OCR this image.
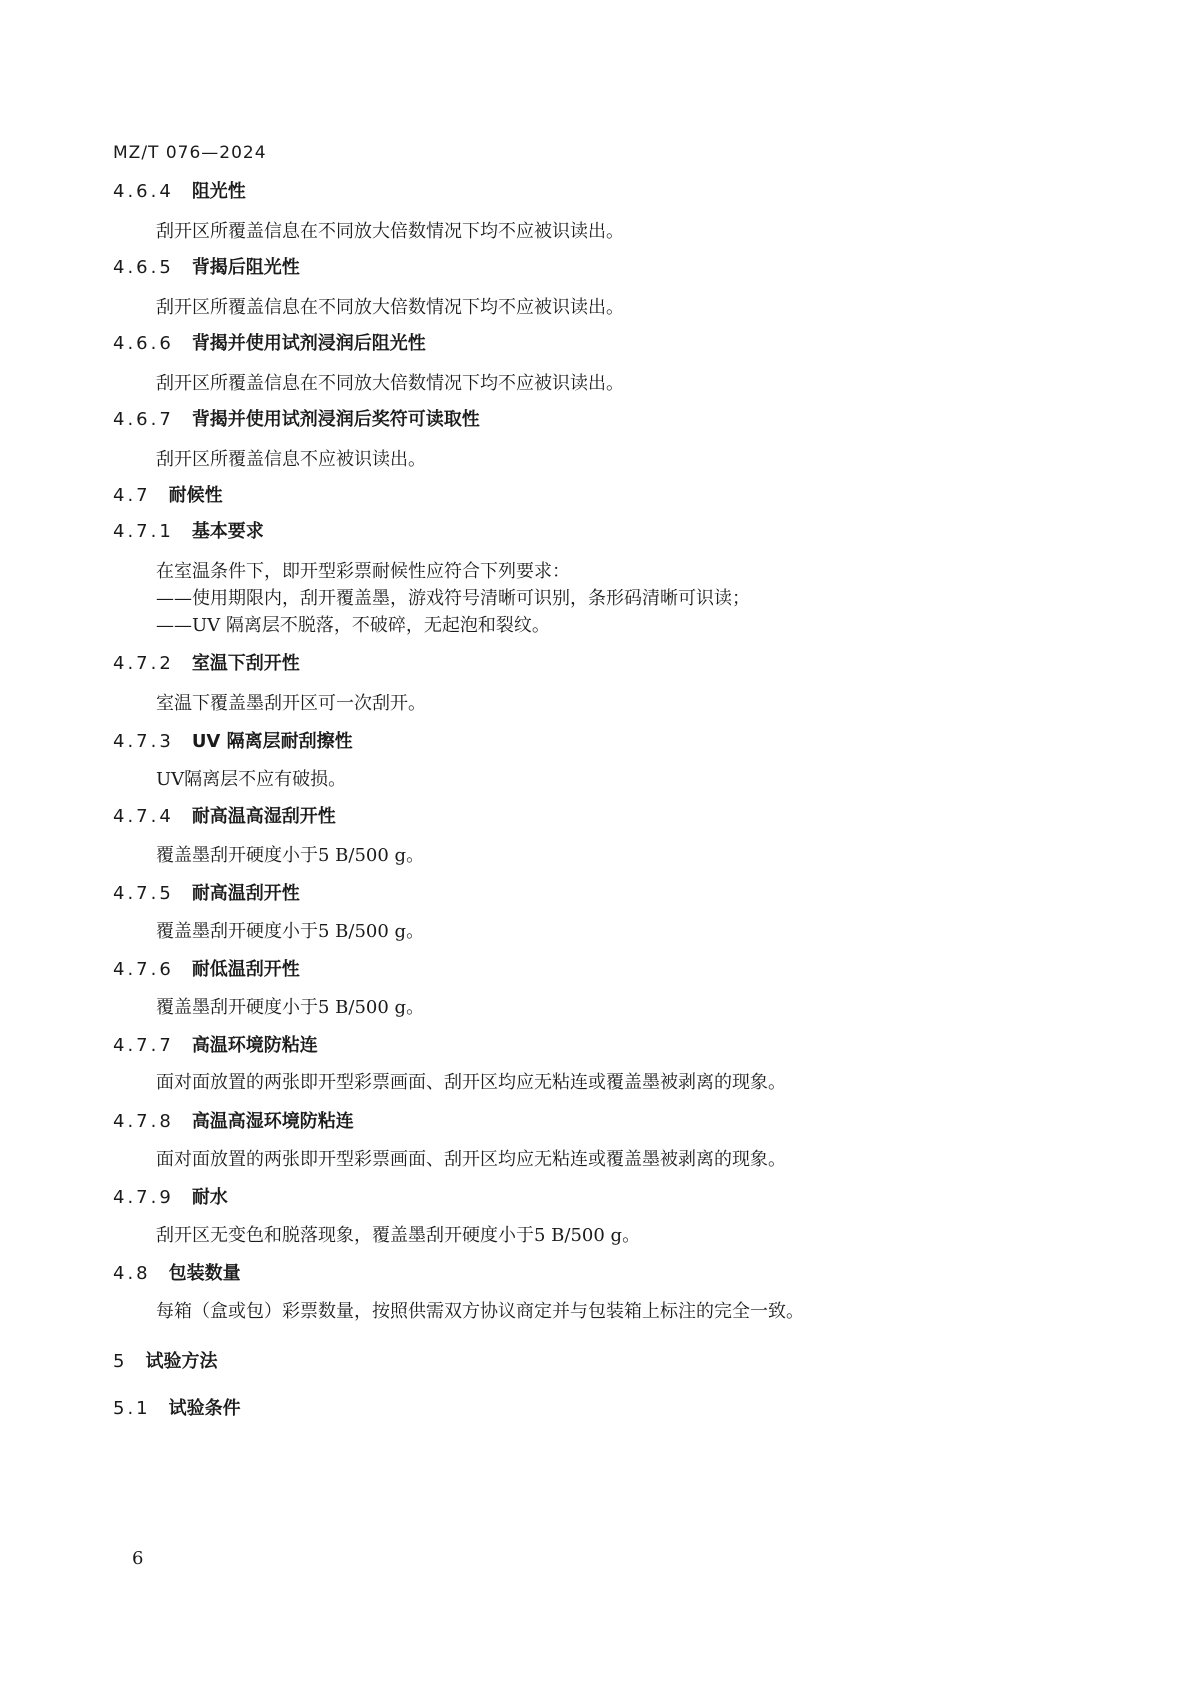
MZ/T 076—2024
4.6.4 阻光性
刮开区所覆盖信息在不同放大倍数情况下均不应被识读出。
4.6.5 背揭后阻光性
刮开区所覆盖信息在不同放大倍数情况下均不应被识读出。
4.6.6 背揭并使用试剂浸润后阻光性
刮开区所覆盖信息在不同放大倍数情况下均不应被识读出。
4.6.7 背揭并使用试剂浸润后奖符可读取性
刮开区所覆盖信息不应被识读出。
4.7 耐候性
4.7.1 基本要求
在室温条件下，即开型彩票耐候性应符合下列要求：
——使用期限内，刮开覆盖墨，游戏符号清晰可识别，条形码清晰可识读；
——UV 隔离层不脱落，不破碎，无起泡和裂纹。
4.7.2 室温下刮开性
室温下覆盖墨刮开区可一次刮开。
4.7.3 UV 隔离层耐刮擦性
UV隔离层不应有破损。
4.7.4 耐高温高湿刮开性
覆盖墨刮开硬度小于5 B/500 g。
4.7.5 耐高温刮开性
覆盖墨刮开硬度小于5 B/500 g。
4.7.6 耐低温刮开性
覆盖墨刮开硬度小于5 B/500 g。
4.7.7 高温环境防粘连
面对面放置的两张即开型彩票画面、刮开区均应无粘连或覆盖墨被剥离的现象。
4.7.8 高温高湿环境防粘连
面对面放置的两张即开型彩票画面、刮开区均应无粘连或覆盖墨被剥离的现象。
4.7.9 耐水
刮开区无变色和脱落现象，覆盖墨刮开硬度小于5 B/500 g。
4.8 包装数量
每箱（盒或包）彩票数量，按照供需双方协议商定并与包装箱上标注的完全一致。
5 试验方法
5.1 试验条件
6
